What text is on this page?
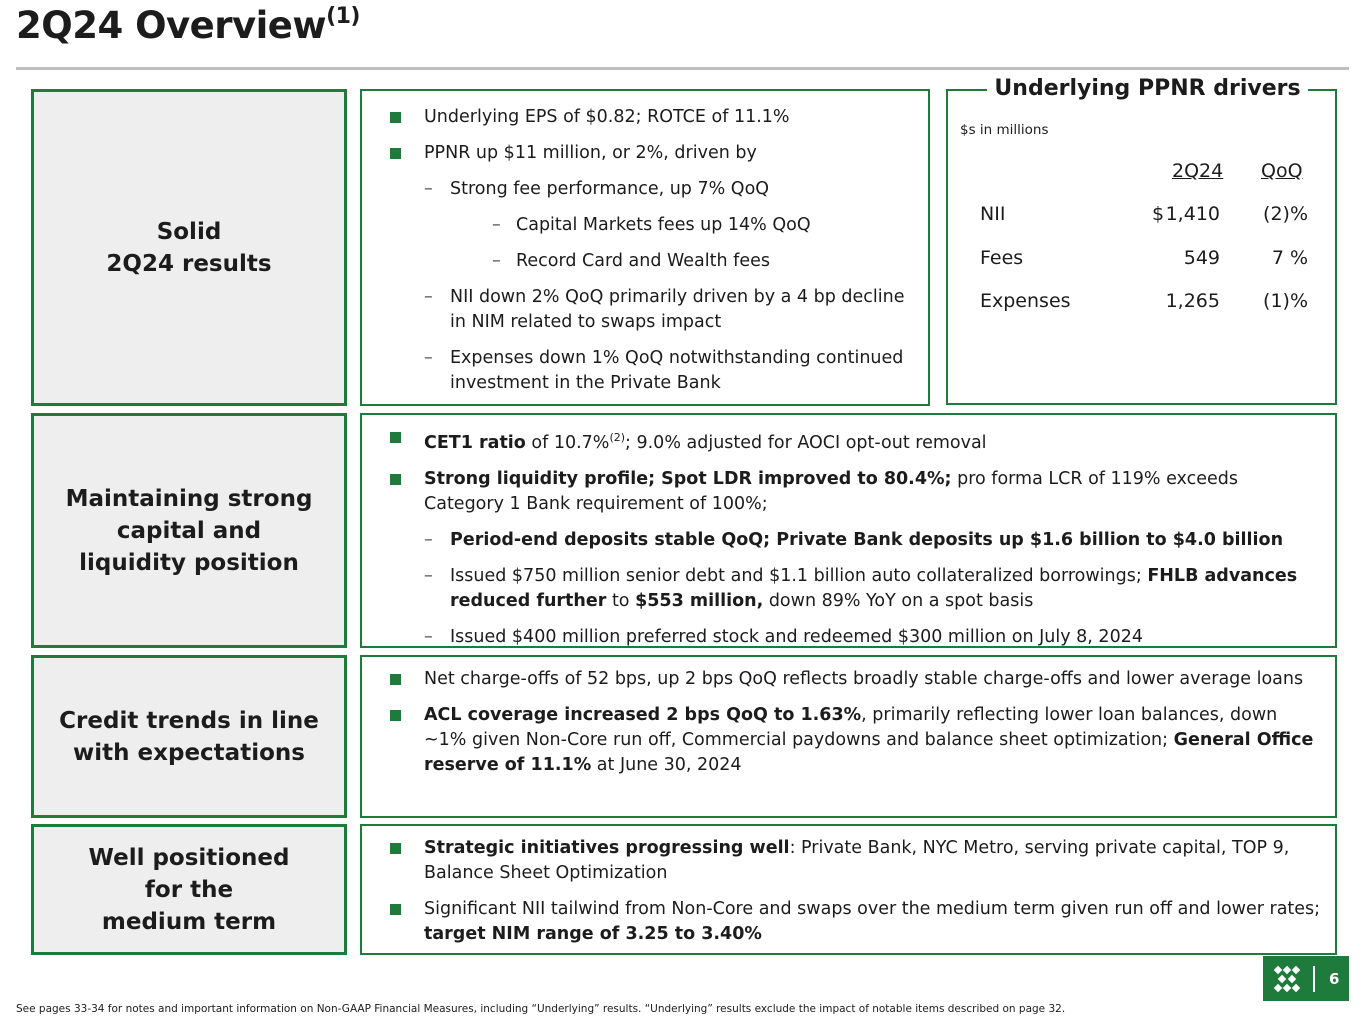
2Q24 Overview$^{(1)}$
Solid
2Q24 results
Underlying EPS of $0.82; ROTCE of 11.1%
PPNR up $11 million, or 2%, driven by
– Strong fee performance, up 7% QoQ
– Capital Markets fees up 14% QoQ
– Record Card and Wealth fees
– NII down 2% QoQ primarily driven by a 4 bp decline in NIM related to swaps impact
– Expenses down 1% QoQ notwithstanding continued investment in the Private Bank
Underlying PPNR drivers
$s in millions
2Q24 QoQ
NII	$ 1,410	(2)%
Fees	549	7 %
Expenses	1,265	(1)%
Maintaining strong
capital and
liquidity position
CET1 ratio of 10.7%$^{(2)}$; 9.0% adjusted for AOCI opt-out removal
Strong liquidity profile; Spot LDR improved to 80.4%; pro forma LCR of 119% exceeds Category 1 Bank requirement of 100%;
– Period-end deposits stable QoQ; Private Bank deposits up $1.6 billion to $4.0 billion
– Issued $750 million senior debt and $1.1 billion auto collateralized borrowings; FHLB advances reduced further to $553 million, down 89% YoY on a spot basis
– Issued $400 million preferred stock and redeemed $300 million on July 8, 2024
Credit trends in line
with expectations
Net charge-offs of 52 bps, up 2 bps QoQ reflects broadly stable charge-offs and lower average loans
ACL coverage increased 2 bps QoQ to 1.63%, primarily reflecting lower loan balances, down ~1% given Non-Core run off, Commercial paydowns and balance sheet optimization; General Office reserve of 11.1% at June 30, 2024
Well positioned
for the
medium term
Strategic initiatives progressing well: Private Bank, NYC Metro, serving private capital, TOP 9, Balance Sheet Optimization
Significant NII tailwind from Non-Core and swaps over the medium term given run off and lower rates; target NIM range of 3.25 to 3.40%
See pages 33-34 for notes and important information on Non-GAAP Financial Measures, including “Underlying” results. “Underlying” results exclude the impact of notable items described on page 32.
6
